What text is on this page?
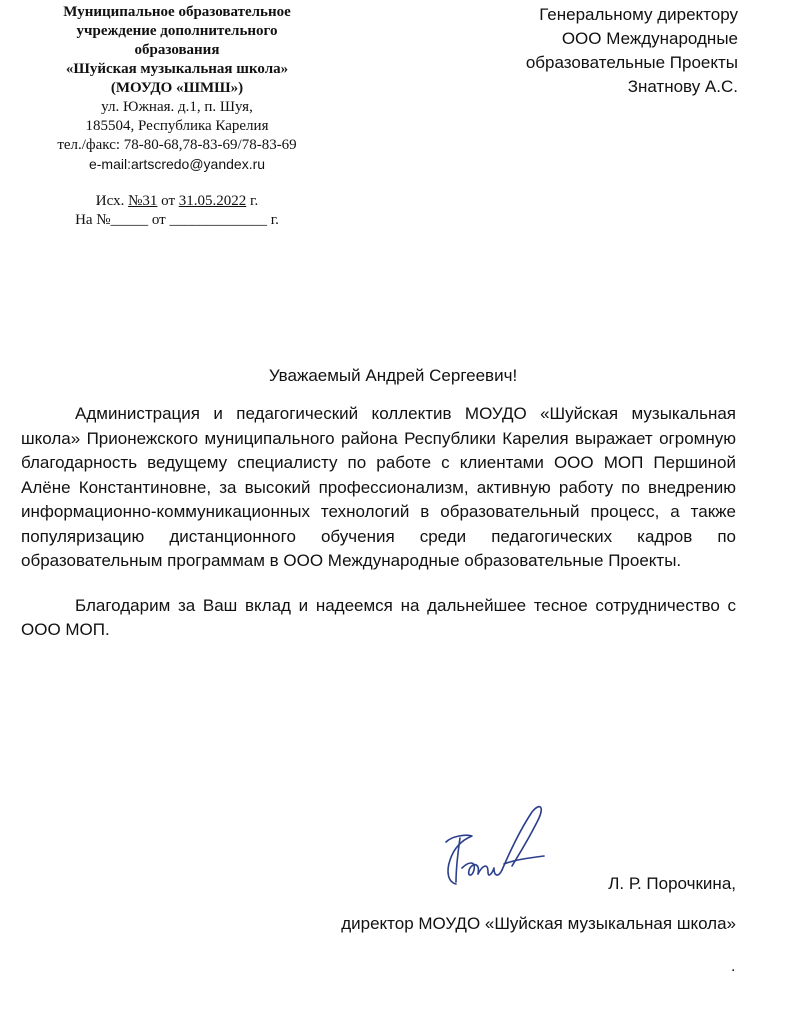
Муниципальное образовательное
учреждение дополнительного
образования
«Шуйская музыкальная школа»
(МОУДО «ШМШ»)
ул. Южная. д.1, п. Шуя,
185504, Республика Карелия
тел./факс: 78-80-68,78-83-69/78-83-69
e-mail:artscredo@yandex.ru
Исх. №31 от 31.05.2022 г.
На №_____ от _____________ г.
Генеральному директору
ООО Международные
образовательные Проекты
Знатнову А.С.
Уважаемый Андрей Сергеевич!

Администрация и педагогический коллектив МОУДО «Шуйская музыкальная школа» Прионежского муниципального района Республики Карелия выражает огромную благодарность ведущему специалисту по работе с клиентами ООО МОП Першиной Алёне Константиновне, за высокий профессионализм, активную работу по внедрению информационно-коммуникационных технологий в образовательный процесс, а также популяризацию дистанционного обучения среди педагогических кадров по образовательным программам в ООО Международные образовательные Проекты.

Благодарим за Ваш вклад и надеемся на дальнейшее тесное сотрудничество с ООО МОП.

Л. Р. Порочкина,
директор МОУДО «Шуйская музыкальная школа»
.
